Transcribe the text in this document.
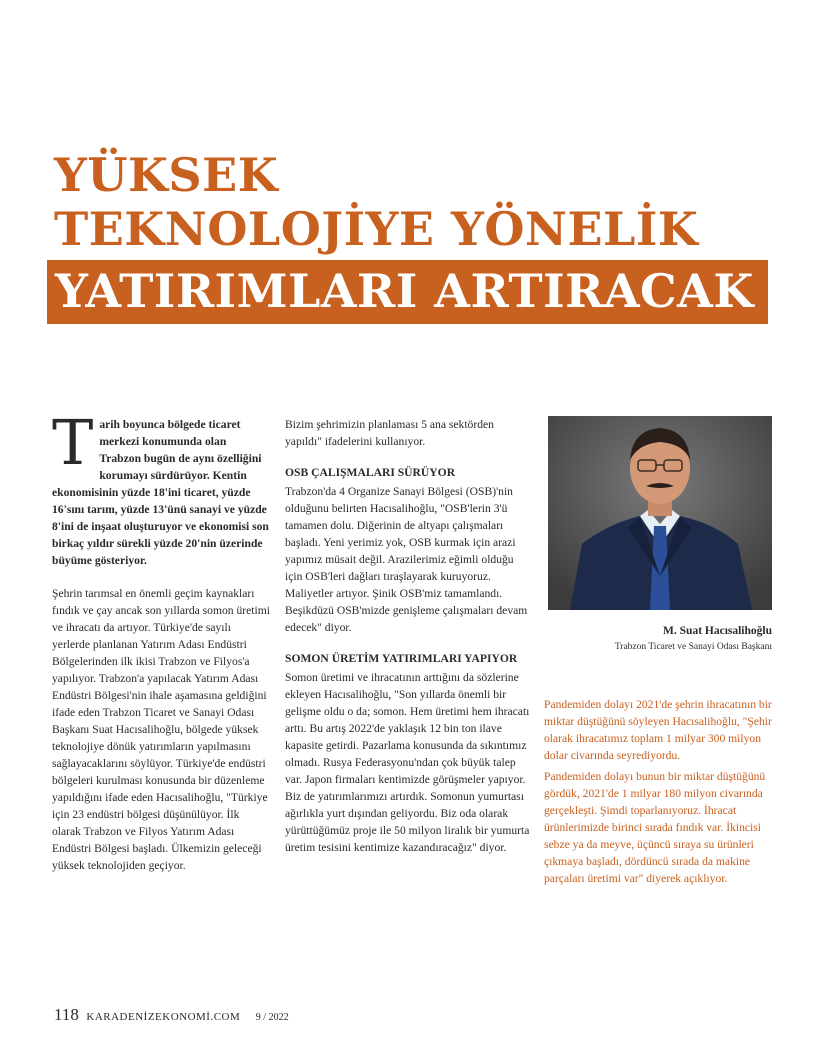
YÜKSEK
TEKNOLOJİYE YÖNELİK
YATIRIMLARI ARTIRACAK
Tarih boyunca bölgede ticaret merkezi konumunda olan Trabzon bugün de aynı özelliğini korumayı sürdürüyor. Kentin ekonomisinin yüzde 18'ini ticaret, yüzde 16'sını tarım, yüzde 13'ünü sanayi ve yüzde 8'ini de inşaat oluşturuyor ve ekonomisi son birkaç yıldır sürekli yüzde 20'nin üzerinde büyüme gösteriyor.

Şehrin tarımsal en önemli geçim kaynakları fındık ve çay ancak son yıllarda somon üretimi ve ihracatı da artıyor. Türkiye'de sayılı yerlerde planlanan Yatırım Adası Endüstri Bölgelerinden ilk ikisi Trabzon ve Filyos'a yapılıyor. Trabzon'a yapılacak Yatırım Adası Endüstri Bölgesi'nin ihale aşamasına geldiğini ifade eden Trabzon Ticaret ve Sanayi Odası Başkanı Suat Hacısalihoğlu, bölgede yüksek teknolojiye dönük yatırımların yapılmasını sağlayacaklarını söylüyor. Türkiye'de endüstri bölgeleri kurulması konusunda bir düzenleme yapıldığını ifade eden Hacısalihoğlu, "Türkiye için 23 endüstri bölgesi düşünülüyor. İlk olarak Trabzon ve Filyos Yatırım Adası Endüstri Bölgesi başladı. Ülkemizin geleceği yüksek teknolojiden geçiyor.

Bizim şehrimizin planlaması 5 ana sektörden yapıldı" ifadelerini kullanıyor.

OSB ÇALIŞMALARI SÜRÜYOR

Trabzon'da 4 Organize Sanayi Bölgesi (OSB)'nin olduğunu belirten Hacısalihoğlu, "OSB'lerin 3'ü tamamen dolu. Diğerinin de altyapı çalışmaları başladı. Yeni yerimiz yok, OSB kurmak için arazi yapımız müsait değil. Arazilerimiz eğimli olduğu için OSB'leri dağları tıraşlayarak kuruyoruz. Maliyetler artıyor. Şinik OSB'miz tamamlandı. Beşikdüzü OSB'mizde genişleme çalışmaları devam edecek" diyor.

SOMON ÜRETİM YATIRIMLARI YAPIYOR

Somon üretimi ve ihracatının arttığını da sözlerine ekleyen Hacısalihoğlu, "Son yıllarda önemli bir gelişme oldu o da; somon. Hem üretimi hem ihracatı arttı. Bu artış 2022'de yaklaşık 12 bin ton ilave kapasite getirdi. Pazarlama konusunda da sıkıntımız olmadı. Rusya Federasyonu'ndan çok büyük talep var. Japon firmaları kentimizde görüşmeler yapıyor. Biz de yatırımlarımızı artırdık. Somonun yumurtası ağırlıkla yurt dışından geliyordu. Biz oda olarak yürüttüğümüz proje ile 50 milyon liralık bir yumurta üretim tesisini kentimize kazandıracağız" diyor.

M. Suat Hacısalihoğlu
Trabzon Ticaret ve Sanayi Odası Başkanı

Pandemiden dolayı 2021'de şehrin ihracatının bir miktar düştüğünü söyleyen Hacısalihoğlu, "Şehir olarak ihracatımız toplam 1 milyar 300 milyon dolar civarında seyrediyordu.

Pandemiden dolayı bunun bir miktar düştüğünü gördük, 2021'de 1 milyar 180 milyon civarında gerçekleşti. Şimdi toparlanıyoruz. İhracat ürünlerimizde birinci sırada fındık var. İkincisi sebze ya da meyve, üçüncü sıraya su ürünleri çıkmaya başladı, dördüncü sırada da makine parçaları üretimi var" diyerek açıklıyor.

118 KARADENİZEKONOMİ.COM 9 / 2022
